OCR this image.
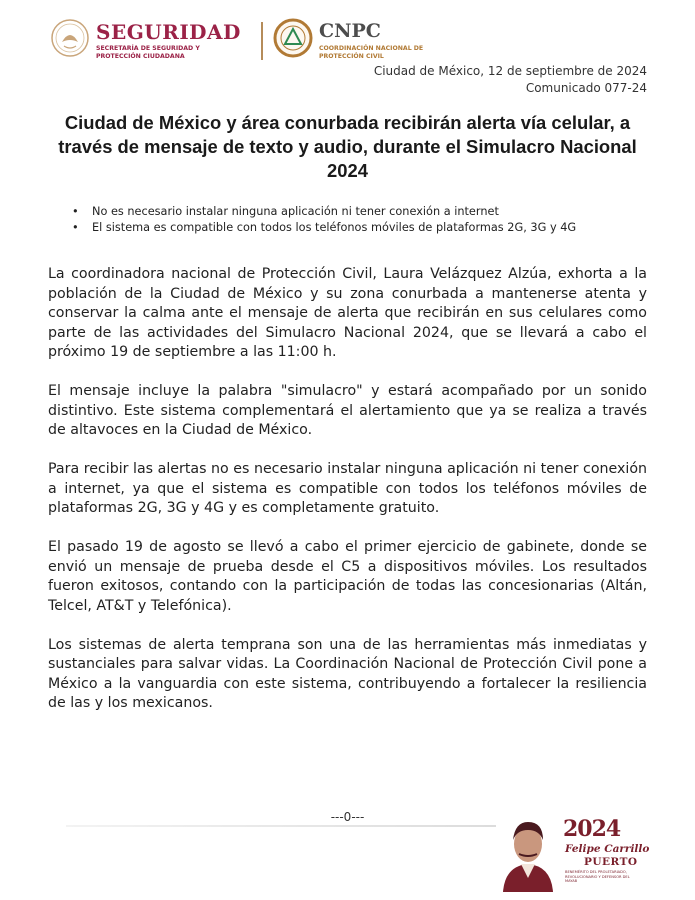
SEGURIDAD
SECRETARÍA DE SEGURIDAD Y PROTECCIÓN CIUDADANA
CNPC
COORDINACIÓN NACIONAL DE PROTECCIÓN CIVIL
Ciudad de México, 12 de septiembre de 2024
Comunicado 077-24
Ciudad de México y área conurbada recibirán alerta vía celular, a través de mensaje de texto y audio, durante el Simulacro Nacional 2024
• No es necesario instalar ninguna aplicación ni tener conexión a internet
• El sistema es compatible con todos los teléfonos móviles de plataformas 2G, 3G y 4G

La coordinadora nacional de Protección Civil, Laura Velázquez Alzúa, exhorta a la población de la Ciudad de México y su zona conurbada a mantenerse atenta y conservar la calma ante el mensaje de alerta que recibirán en sus celulares como parte de las actividades del Simulacro Nacional 2024, que se llevará a cabo el próximo 19 de septiembre a las 11:00 h.

El mensaje incluye la palabra "simulacro" y estará acompañado por un sonido distintivo. Este sistema complementará el alertamiento que ya se realiza a través de altavoces en la Ciudad de México.

Para recibir las alertas no es necesario instalar ninguna aplicación ni tener conexión a internet, ya que el sistema es compatible con todos los teléfonos móviles de plataformas 2G, 3G y 4G y es completamente gratuito.

El pasado 19 de agosto se llevó a cabo el primer ejercicio de gabinete, donde se envió un mensaje de prueba desde el C5 a dispositivos móviles. Los resultados fueron exitosos, contando con la participación de todas las concesionarias (Altán, Telcel, AT&T y Telefónica).

Los sistemas de alerta temprana son una de las herramientas más inmediatas y sustanciales para salvar vidas. La Coordinación Nacional de Protección Civil pone a México a la vanguardia con este sistema, contribuyendo a fortalecer la resiliencia de las y los mexicanos.

---0---	2024
Felipe Carrillo
PUERTO
BENEMÉRITO DEL PROLETARIADO, REVOLUCIONARIO Y DEFENSOR DEL MAYAB
